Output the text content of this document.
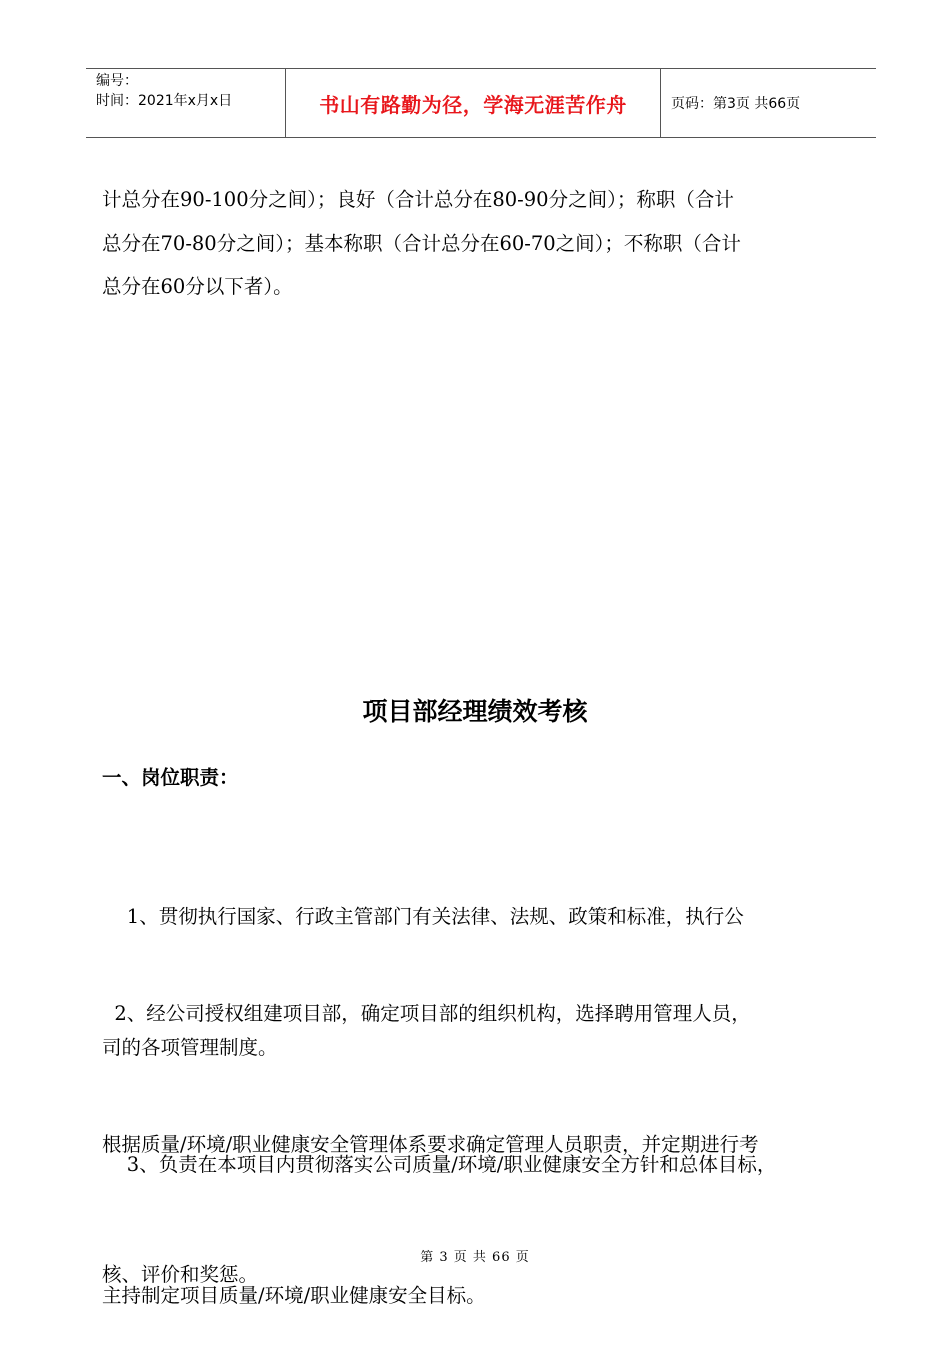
编号：
时间：2021年x月x日	书山有路勤为径，学海无涯苦作舟	页码：第3页 共66页

计总分在90-100分之间）；良好（合计总分在80-90分之间）；称职（合计
总分在70-80分之间）；基本称职（合计总分在60-70之间）；不称职（合计
总分在60分以下者）。

项目部经理绩效考核
一、岗位职责：

1、贯彻执行国家、行政主管部门有关法律、法规、政策和标准，执行公

司的各项管理制度。

2、经公司授权组建项目部，确定项目部的组织机构，选择聘用管理人员，

根据质量/环境/职业健康安全管理体系要求确定管理人员职责，并定期进行考

核、评价和奖惩。

3、负责在本项目内贯彻落实公司质量/环境/职业健康安全方针和总体目标，

主持制定项目质量/环境/职业健康安全目标。

第 3 页 共 66 页
